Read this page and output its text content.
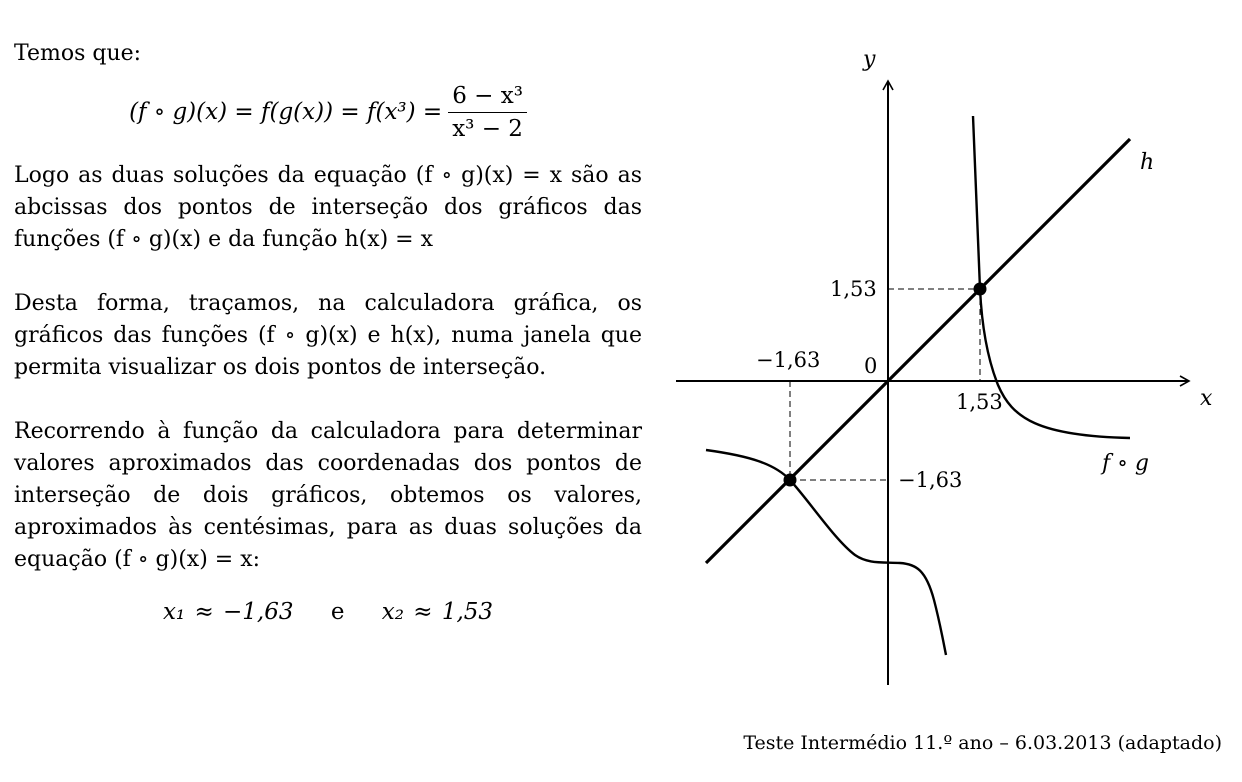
Temos que:

(f ∘ $g)(x) = f(g(x)) = f(x^3) = \frac{\text{6 − x³}}{\text{x³ − 2}}$

Logo as duas soluções da equação (f ∘ g)(x) = x são as abcissas dos pontos de interseção dos gráficos das funções (f ∘ g)(x) e da função h(x) = x

Desta forma, traçamos, na calculadora gráfica, os gráficos das funções (f ∘ g)(x) e h(x), numa janela que permita visualizar os dois pontos de interseção.

Recorrendo à função da calculadora para determinar valores aproximados das coordenadas dos pontos de interseção de dois gráficos, obtemos os valores, aproximados às centésimas, para as duas soluções da equação (f ∘ g)(x) = x:

x₁ ≈ −1,63 e x₂ ≈ 1,53
y
x
0
h
f ∘ g
1,53
1,53
−1,63
−1,63
Teste Intermédio 11.º ano – 6.03.2013 (adaptado)
